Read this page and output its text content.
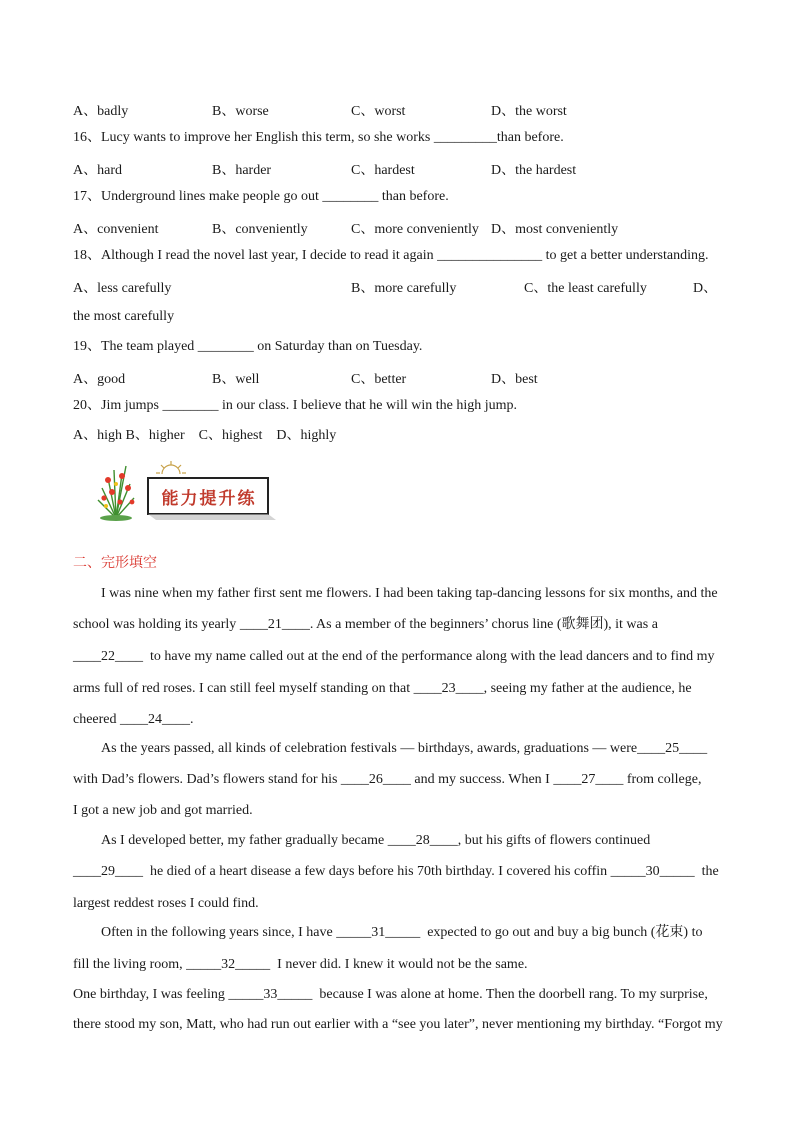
A、badly	B、worse	C、worst	D、the worst
16、Lucy wants to improve her English this term, so she works _________than before.
A、hard	B、harder	C、hardest	D、the hardest
17、Underground lines make people go out ________ than before.
A、convenient	B、conveniently	C、more conveniently D、most conveniently
18、Although I read the novel last year, I decide to read it again _______________ to get a better understanding.
A、less carefully	B、more carefully	C、the least carefully	D、
the most carefully
19、The team played ________ on Saturday than on Tuesday.
A、good	B、well	C、better	D、best
20、Jim jumps ________ in our class. I believe that he will win the high jump.
A、high B、higher    C、highest    D、highly
能力提升练
二、完形填空
I was nine when my father first sent me flowers. I had been taking tap-dancing lessons for six months, and the
school was holding its yearly ____21____. As a member of the beginners’ chorus line (歌舞团), it was a
____22____  to have my name called out at the end of the performance along with the lead dancers and to find my
arms full of red roses. I can still feel myself standing on that ____23____, seeing my father at the audience, he
cheered ____24____.
As the years passed, all kinds of celebration festivals — birthdays, awards, graduations — were____25____
with Dad’s flowers. Dad’s flowers stand for his ____26____ and my success. When I ____27____ from college,
I got a new job and got married.
As I developed better, my father gradually became ____28____, but his gifts of flowers continued
____29____  he died of a heart disease a few days before his 70th birthday. I covered his coffin _____30_____  the
largest reddest roses I could find.
Often in the following years since, I have _____31_____  expected to go out and buy a big bunch (花束) to
fill the living room, _____32_____  I never did. I knew it would not be the same.
One birthday, I was feeling _____33_____  because I was alone at home. Then the doorbell rang. To my surprise,
there stood my son, Matt, who had run out earlier with a “see you later”, never mentioning my birthday. “Forgot my
